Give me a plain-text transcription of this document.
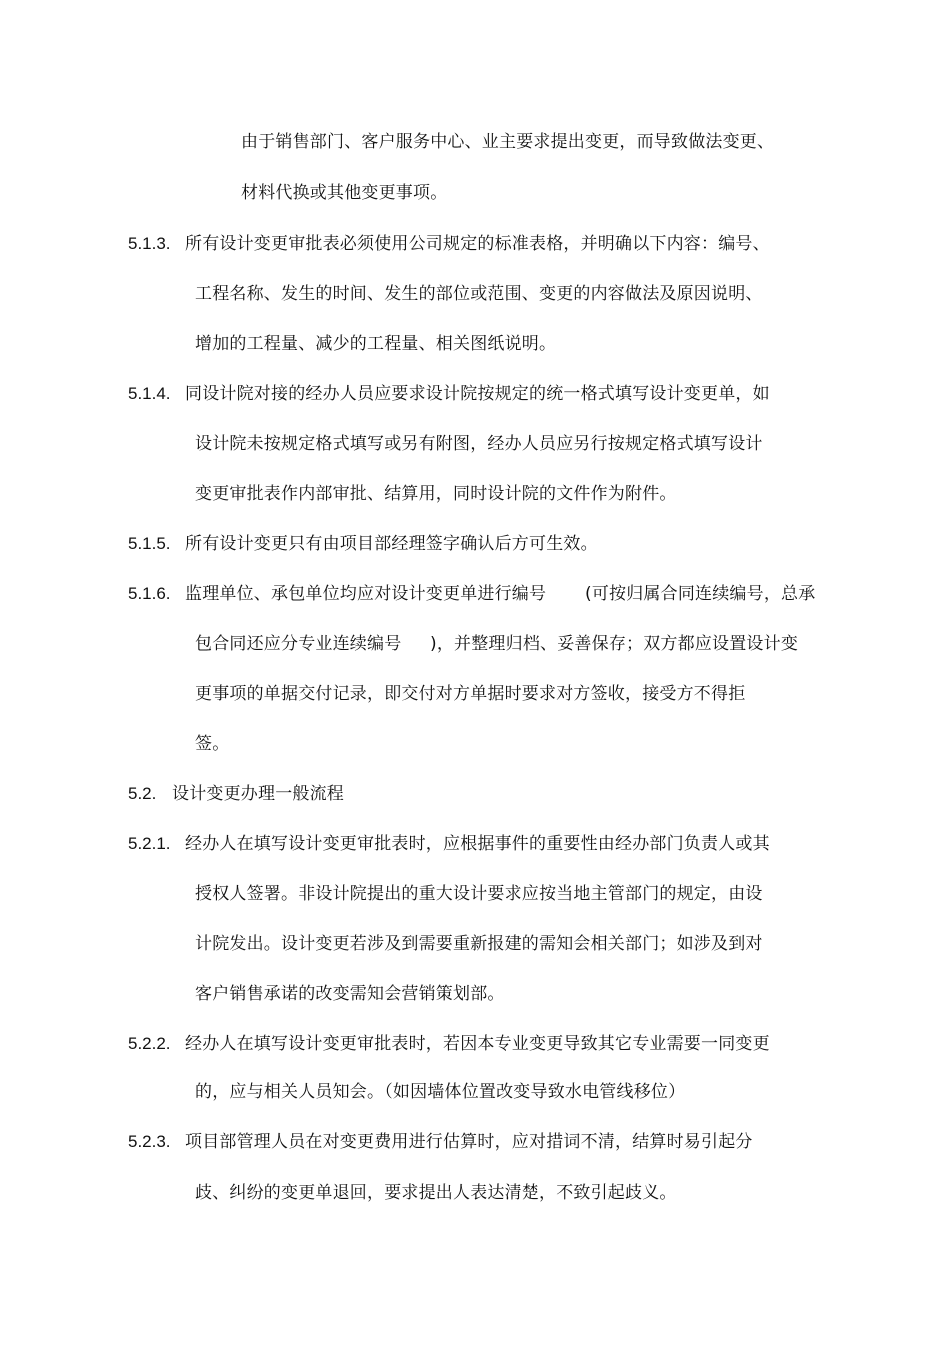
由于销售部门、客户服务中心、业主要求提出变更，而导致做法变更、
材料代换或其他变更事项。
5.1.3. 所有设计变更审批表必须使用公司规定的标准表格，并明确以下内容：编号、
工程名称、发生的时间、发生的部位或范围、变更的内容做法及原因说明、
增加的工程量、减少的工程量、相关图纸说明。
5.1.4. 同设计院对接的经办人员应要求设计院按规定的统一格式填写设计变更单，如
设计院未按规定格式填写或另有附图，经办人员应另行按规定格式填写设计
变更审批表作内部审批、结算用，同时设计院的文件作为附件。
5.1.5. 所有设计变更只有由项目部经理签字确认后方可生效。
5.1.6. 监理单位、承包单位均应对设计变更单进行编号 (可按归属合同连续编号，总承
包合同还应分专业连续编号 )，并整理归档、妥善保存；双方都应设置设计变
更事项的单据交付记录，即交付对方单据时要求对方签收，接受方不得拒
签。
5.2. 设计变更办理一般流程
5.2.1. 经办人在填写设计变更审批表时，应根据事件的重要性由经办部门负责人或其
授权人签署。非设计院提出的重大设计要求应按当地主管部门的规定，由设
计院发出。设计变更若涉及到需要重新报建的需知会相关部门；如涉及到对
客户销售承诺的改变需知会营销策划部。
5.2.2. 经办人在填写设计变更审批表时，若因本专业变更导致其它专业需要一同变更
的，应与相关人员知会。（如因墙体位置改变导致水电管线移位）
5.2.3. 项目部管理人员在对变更费用进行估算时，应对措词不清，结算时易引起分
歧、纠纷的变更单退回，要求提出人表达清楚，不致引起歧义。
